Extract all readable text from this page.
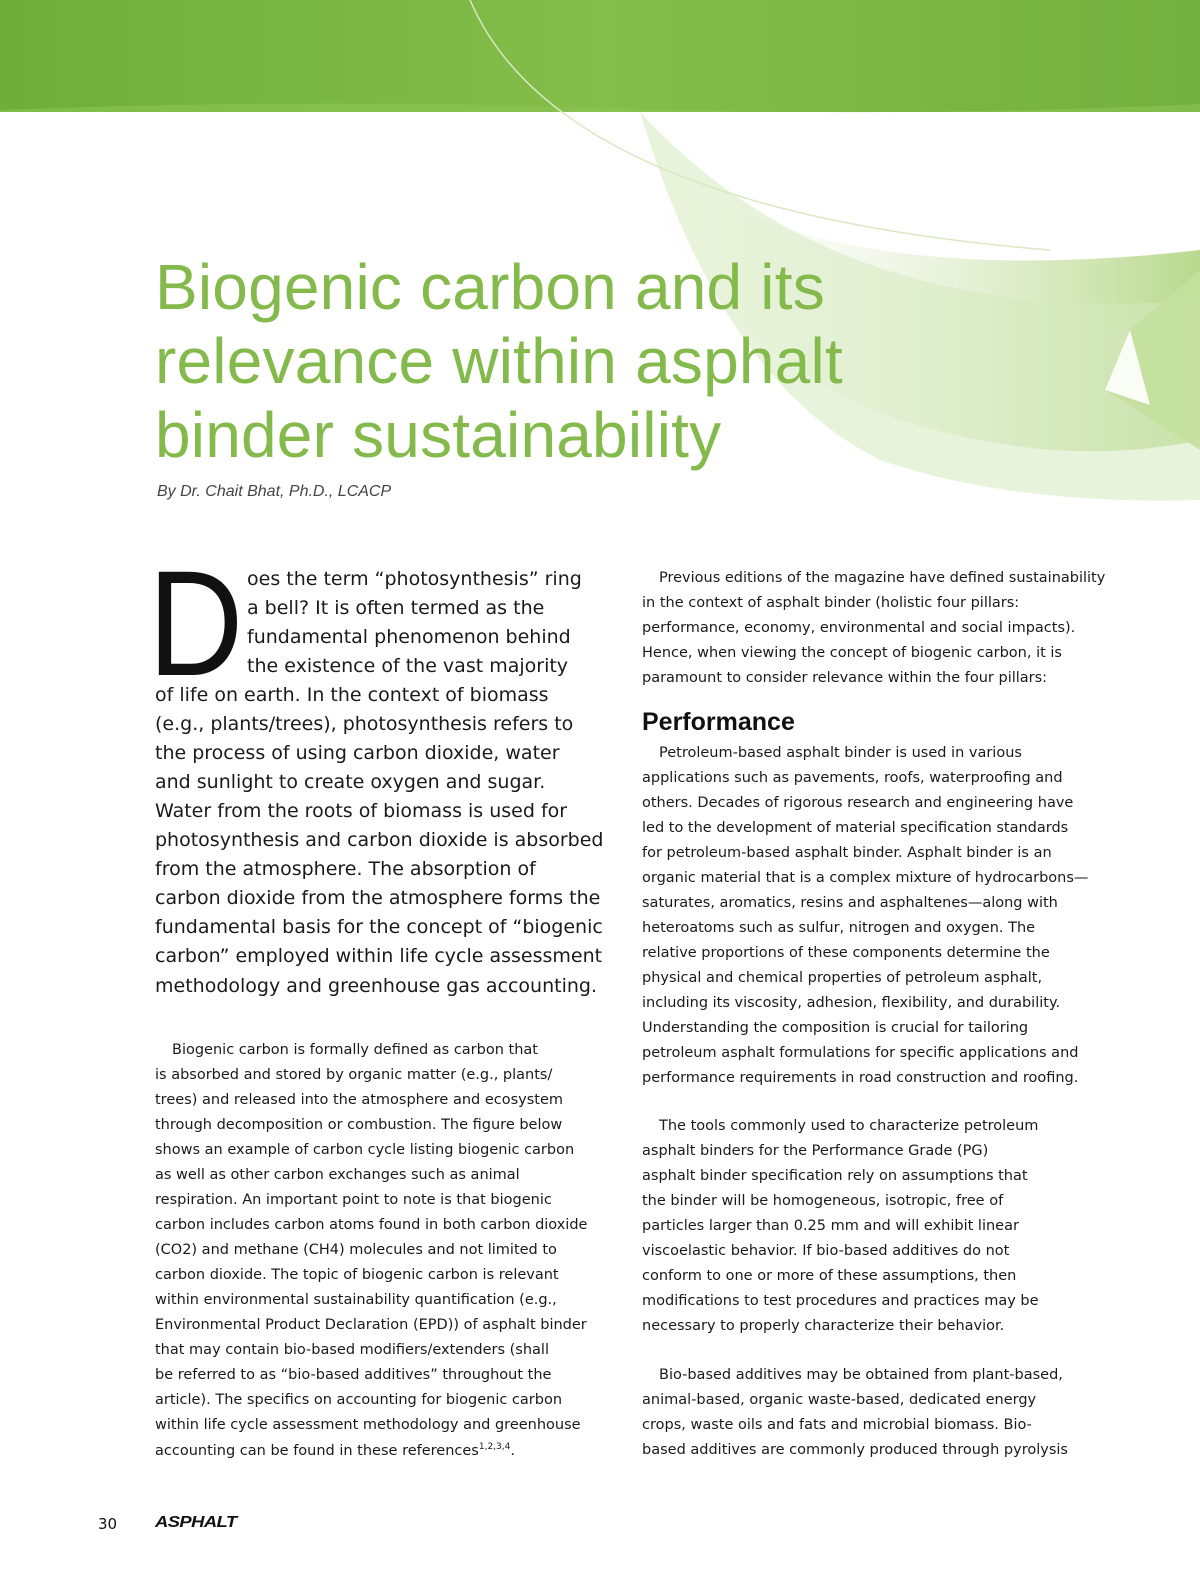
Biogenic carbon and its
relevance within asphalt
binder sustainability

By Dr. Chait Bhat, Ph.D., LCACP

D oes the term “photosynthesis” ring

a bell? It is often termed as the

fundamental phenomenon behind

the existence of the vast majority

of life on earth. In the context of biomass

(e.g., plants/trees), photosynthesis refers to

the process of using carbon dioxide, water

and sunlight to create oxygen and sugar.

Water from the roots of biomass is used for

photosynthesis and carbon dioxide is absorbed

from the atmosphere. The absorption of

carbon dioxide from the atmosphere forms the

fundamental basis for the concept of “biogenic

carbon” employed within life cycle assessment

methodology and greenhouse gas accounting.

Biogenic carbon is formally defined as carbon that

is absorbed and stored by organic matter (e.g., plants/

trees) and released into the atmosphere and ecosystem

through decomposition or combustion. The figure below

shows an example of carbon cycle listing biogenic carbon

as well as other carbon exchanges such as animal

respiration. An important point to note is that biogenic

carbon includes carbon atoms found in both carbon dioxide

(CO2) and methane (CH4) molecules and not limited to

carbon dioxide. The topic of biogenic carbon is relevant

within environmental sustainability quantification (e.g.,

Environmental Product Declaration (EPD)) of asphalt binder

that may contain bio-based modifiers/extenders (shall

be referred to as “bio-based additives” throughout the

article). The specifics on accounting for biogenic carbon

within life cycle assessment methodology and greenhouse

accounting can be found in these references$^{1,2,3,4}$.

Previous editions of the magazine have defined sustainability

in the context of asphalt binder (holistic four pillars:

performance, economy, environmental and social impacts).

Hence, when viewing the concept of biogenic carbon, it is

paramount to consider relevance within the four pillars:

Performance

Petroleum-based asphalt binder is used in various

applications such as pavements, roofs, waterproofing and

others. Decades of rigorous research and engineering have

led to the development of material specification standards

for petroleum-based asphalt binder. Asphalt binder is an

organic material that is a complex mixture of hydrocarbons—

saturates, aromatics, resins and asphaltenes—along with

heteroatoms such as sulfur, nitrogen and oxygen. The

relative proportions of these components determine the

physical and chemical properties of petroleum asphalt,

including its viscosity, adhesion, flexibility, and durability.

Understanding the composition is crucial for tailoring

petroleum asphalt formulations for specific applications and

performance requirements in road construction and roofing.

The tools commonly used to characterize petroleum

asphalt binders for the Performance Grade (PG)

asphalt binder specification rely on assumptions that

the binder will be homogeneous, isotropic, free of

particles larger than 0.25 mm and will exhibit linear

viscoelastic behavior. If bio-based additives do not

conform to one or more of these assumptions, then

modifications to test procedures and practices may be

necessary to properly characterize their behavior.

Bio-based additives may be obtained from plant-based,

animal-based, organic waste-based, dedicated energy

crops, waste oils and fats and microbial biomass. Bio-

based additives are commonly produced through pyrolysis

30 ASPHALT
